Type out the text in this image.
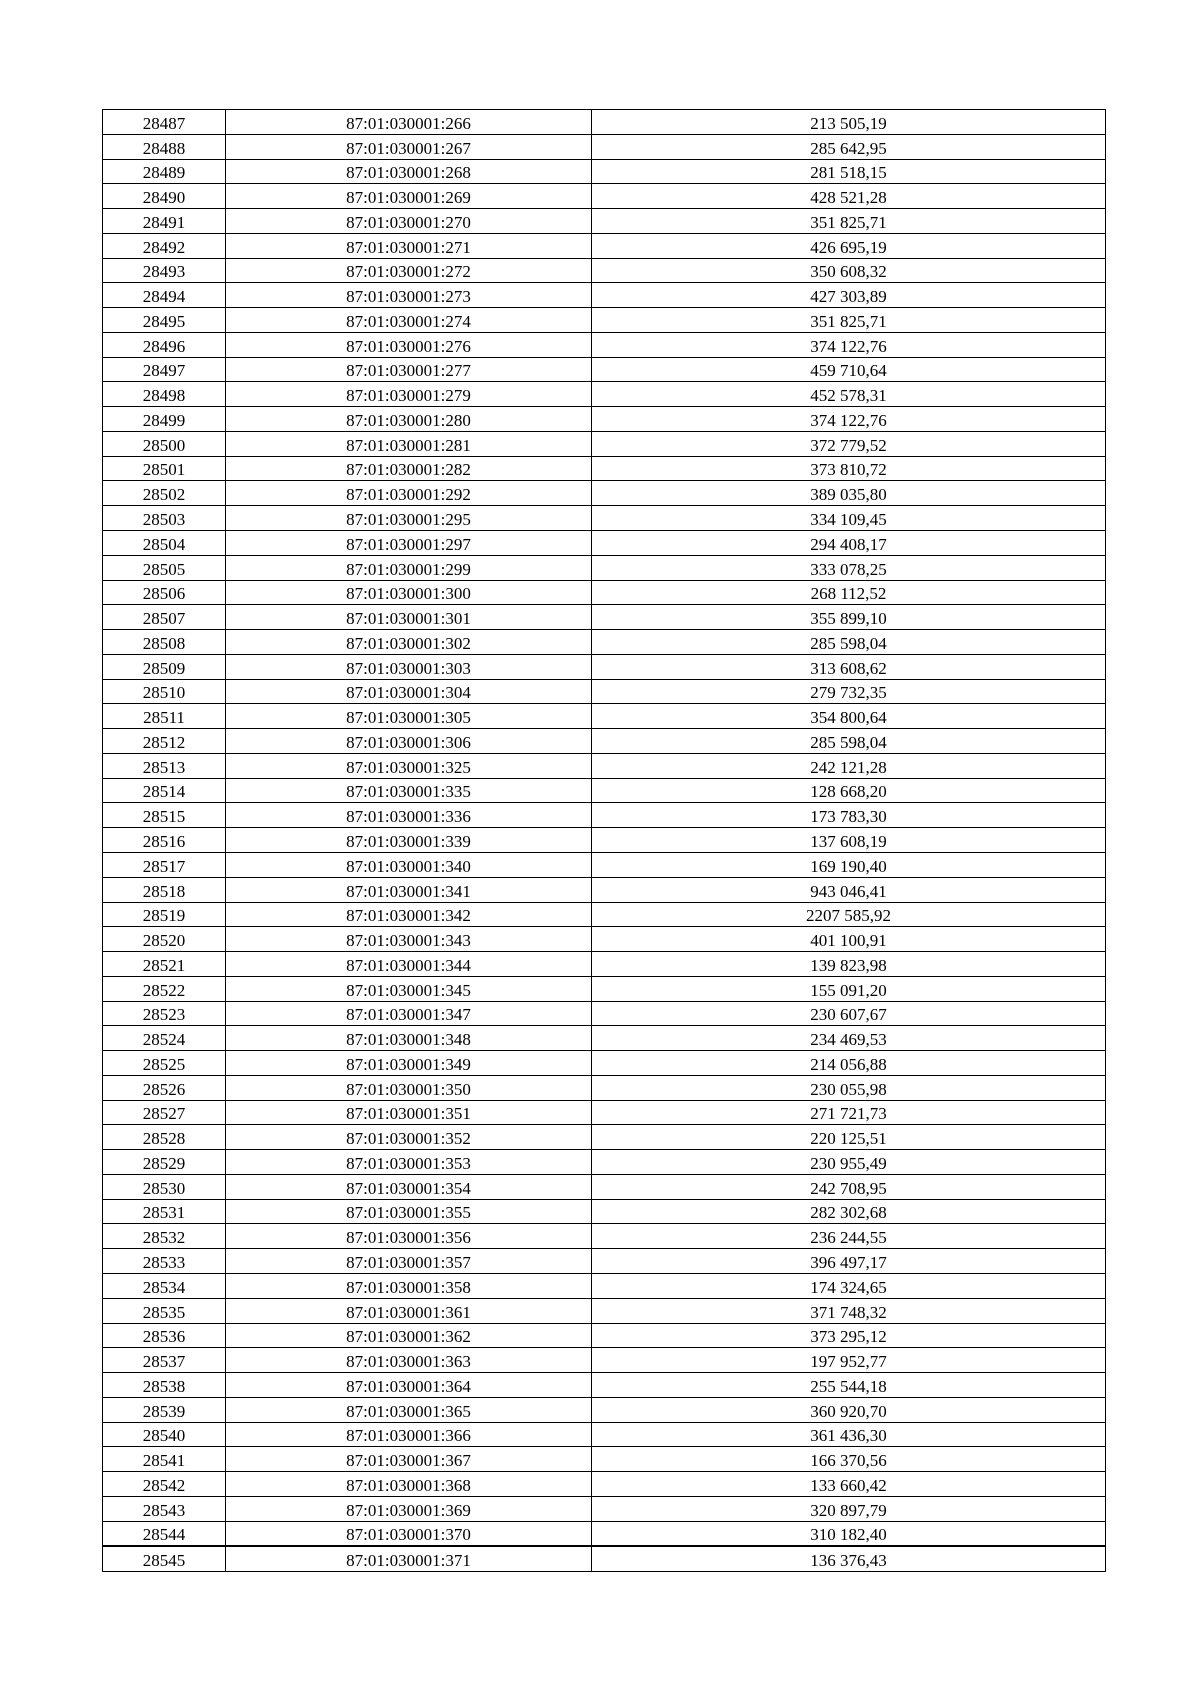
28487	87:01:030001:266	213 505,19
28488	87:01:030001:267	285 642,95
28489	87:01:030001:268	281 518,15
28490	87:01:030001:269	428 521,28
28491	87:01:030001:270	351 825,71
28492	87:01:030001:271	426 695,19
28493	87:01:030001:272	350 608,32
28494	87:01:030001:273	427 303,89
28495	87:01:030001:274	351 825,71
28496	87:01:030001:276	374 122,76
28497	87:01:030001:277	459 710,64
28498	87:01:030001:279	452 578,31
28499	87:01:030001:280	374 122,76
28500	87:01:030001:281	372 779,52
28501	87:01:030001:282	373 810,72
28502	87:01:030001:292	389 035,80
28503	87:01:030001:295	334 109,45
28504	87:01:030001:297	294 408,17
28505	87:01:030001:299	333 078,25
28506	87:01:030001:300	268 112,52
28507	87:01:030001:301	355 899,10
28508	87:01:030001:302	285 598,04
28509	87:01:030001:303	313 608,62
28510	87:01:030001:304	279 732,35
28511	87:01:030001:305	354 800,64
28512	87:01:030001:306	285 598,04
28513	87:01:030001:325	242 121,28
28514	87:01:030001:335	128 668,20
28515	87:01:030001:336	173 783,30
28516	87:01:030001:339	137 608,19
28517	87:01:030001:340	169 190,40
28518	87:01:030001:341	943 046,41
28519	87:01:030001:342	2207 585,92
28520	87:01:030001:343	401 100,91
28521	87:01:030001:344	139 823,98
28522	87:01:030001:345	155 091,20
28523	87:01:030001:347	230 607,67
28524	87:01:030001:348	234 469,53
28525	87:01:030001:349	214 056,88
28526	87:01:030001:350	230 055,98
28527	87:01:030001:351	271 721,73
28528	87:01:030001:352	220 125,51
28529	87:01:030001:353	230 955,49
28530	87:01:030001:354	242 708,95
28531	87:01:030001:355	282 302,68
28532	87:01:030001:356	236 244,55
28533	87:01:030001:357	396 497,17
28534	87:01:030001:358	174 324,65
28535	87:01:030001:361	371 748,32
28536	87:01:030001:362	373 295,12
28537	87:01:030001:363	197 952,77
28538	87:01:030001:364	255 544,18
28539	87:01:030001:365	360 920,70
28540	87:01:030001:366	361 436,30
28541	87:01:030001:367	166 370,56
28542	87:01:030001:368	133 660,42
28543	87:01:030001:369	320 897,79
28544	87:01:030001:370	310 182,40
28545	87:01:030001:371	136 376,43
